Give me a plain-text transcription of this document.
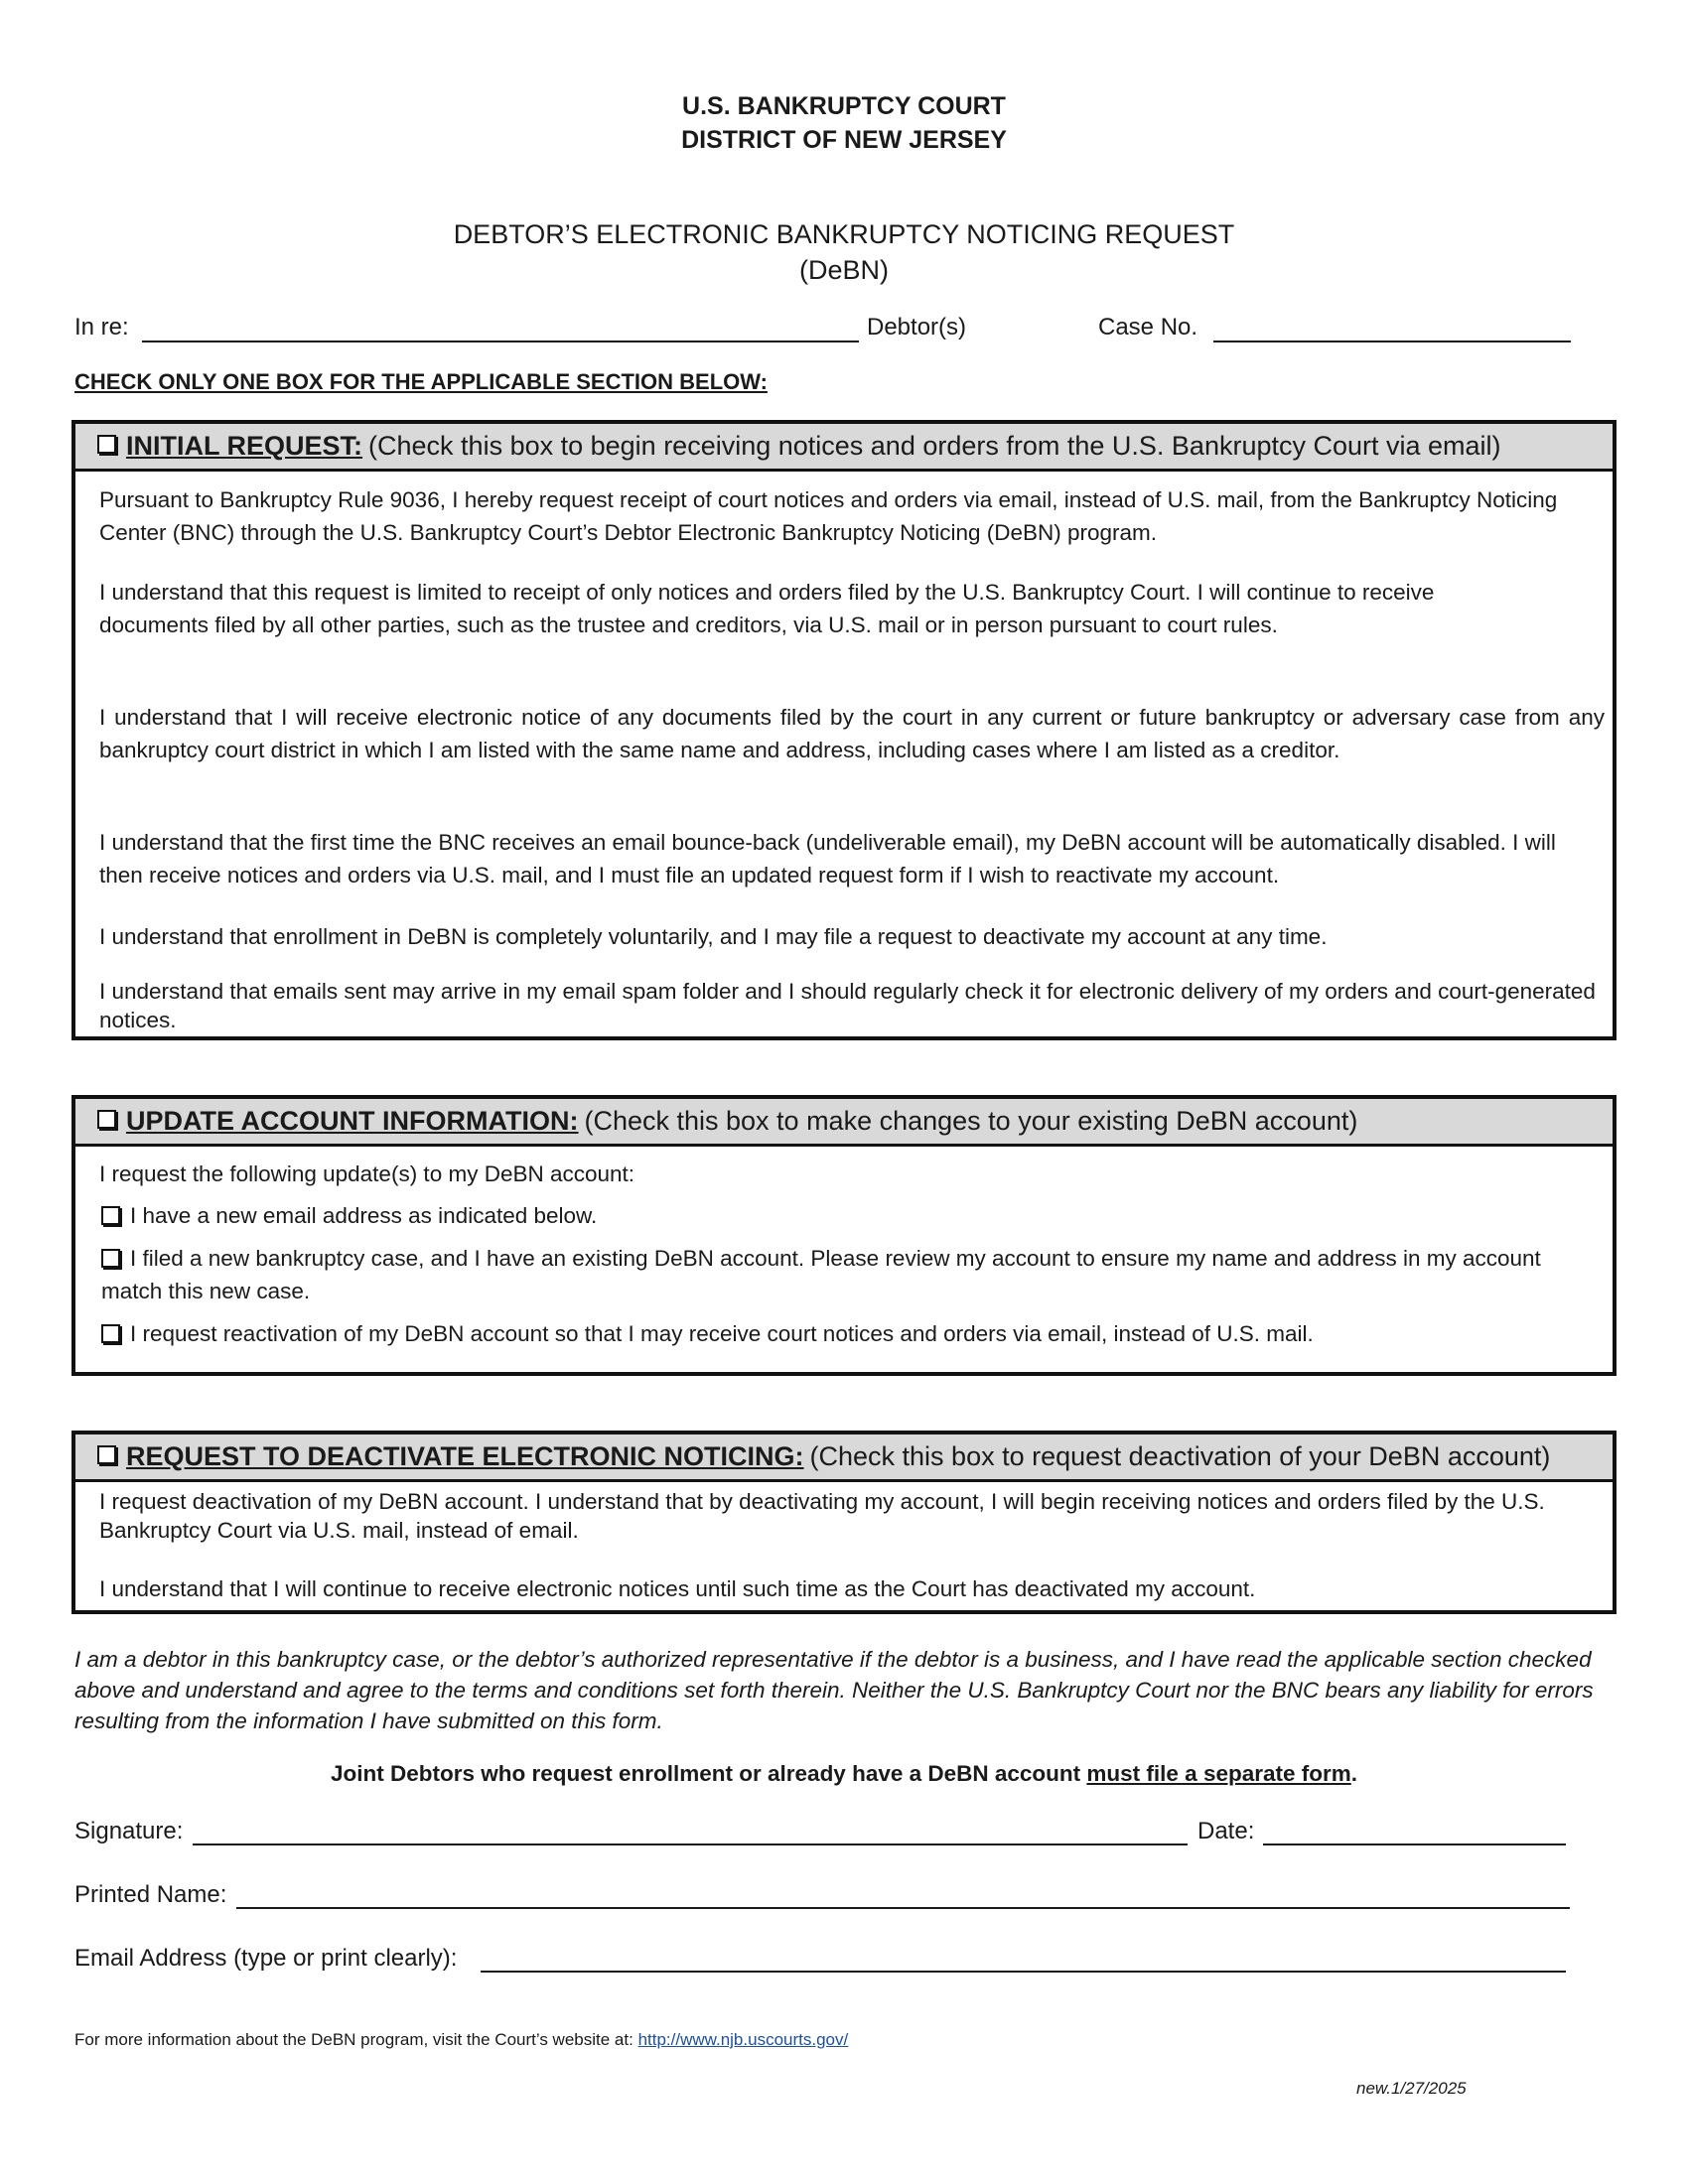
U.S. BANKRUPTCY COURT
DISTRICT OF NEW JERSEY
DEBTOR’S ELECTRONIC BANKRUPTCY NOTICING REQUEST
(DeBN)
In re:	Debtor(s)	Case No.
CHECK ONLY ONE BOX FOR THE APPLICABLE SECTION BELOW:
INITIAL REQUEST: (Check this box to begin receiving notices and orders from the U.S. Bankruptcy Court via email)
Pursuant to Bankruptcy Rule 9036, I hereby request receipt of court notices and orders via email, instead of U.S. mail, from the Bankruptcy Noticing Center (BNC) through the U.S. Bankruptcy Court’s Debtor Electronic Bankruptcy Noticing (DeBN) program.
I understand that this request is limited to receipt of only notices and orders filed by the U.S. Bankruptcy Court. I will continue to receive documents filed by all other parties, such as the trustee and creditors, via U.S. mail or in person pursuant to court rules.
I understand that I will receive electronic notice of any documents filed by the court in any current or future bankruptcy or adversary case from any bankruptcy court district in which I am listed with the same name and address, including cases where I am listed as a creditor.
I understand that the first time the BNC receives an email bounce-back (undeliverable email), my DeBN account will be automatically disabled. I will then receive notices and orders via U.S. mail, and I must file an updated request form if I wish to reactivate my account.
I understand that enrollment in DeBN is completely voluntarily, and I may file a request to deactivate my account at any time.
I understand that emails sent may arrive in my email spam folder and I should regularly check it for electronic delivery of my orders and court-generated notices.
UPDATE ACCOUNT INFORMATION: (Check this box to make changes to your existing DeBN account)
I request the following update(s) to my DeBN account:
I have a new email address as indicated below.
I filed a new bankruptcy case, and I have an existing DeBN account. Please review my account to ensure my name and address in my account match this new case.
I request reactivation of my DeBN account so that I may receive court notices and orders via email, instead of U.S. mail.
REQUEST TO DEACTIVATE ELECTRONIC NOTICING: (Check this box to request deactivation of your DeBN account)
I request deactivation of my DeBN account. I understand that by deactivating my account, I will begin receiving notices and orders filed by the U.S. Bankruptcy Court via U.S. mail, instead of email.
I understand that I will continue to receive electronic notices until such time as the Court has deactivated my account.
I am a debtor in this bankruptcy case, or the debtor’s authorized representative if the debtor is a business, and I have read the applicable section checked above and understand and agree to the terms and conditions set forth therein. Neither the U.S. Bankruptcy Court nor the BNC bears any liability for errors resulting from the information I have submitted on this form.
Joint Debtors who request enrollment or already have a DeBN account must file a separate form.
Signature:	Date:
Printed Name:
Email Address (type or print clearly):
For more information about the DeBN program, visit the Court’s website at: http://www.njb.uscourts.gov/
new.1/27/2025
